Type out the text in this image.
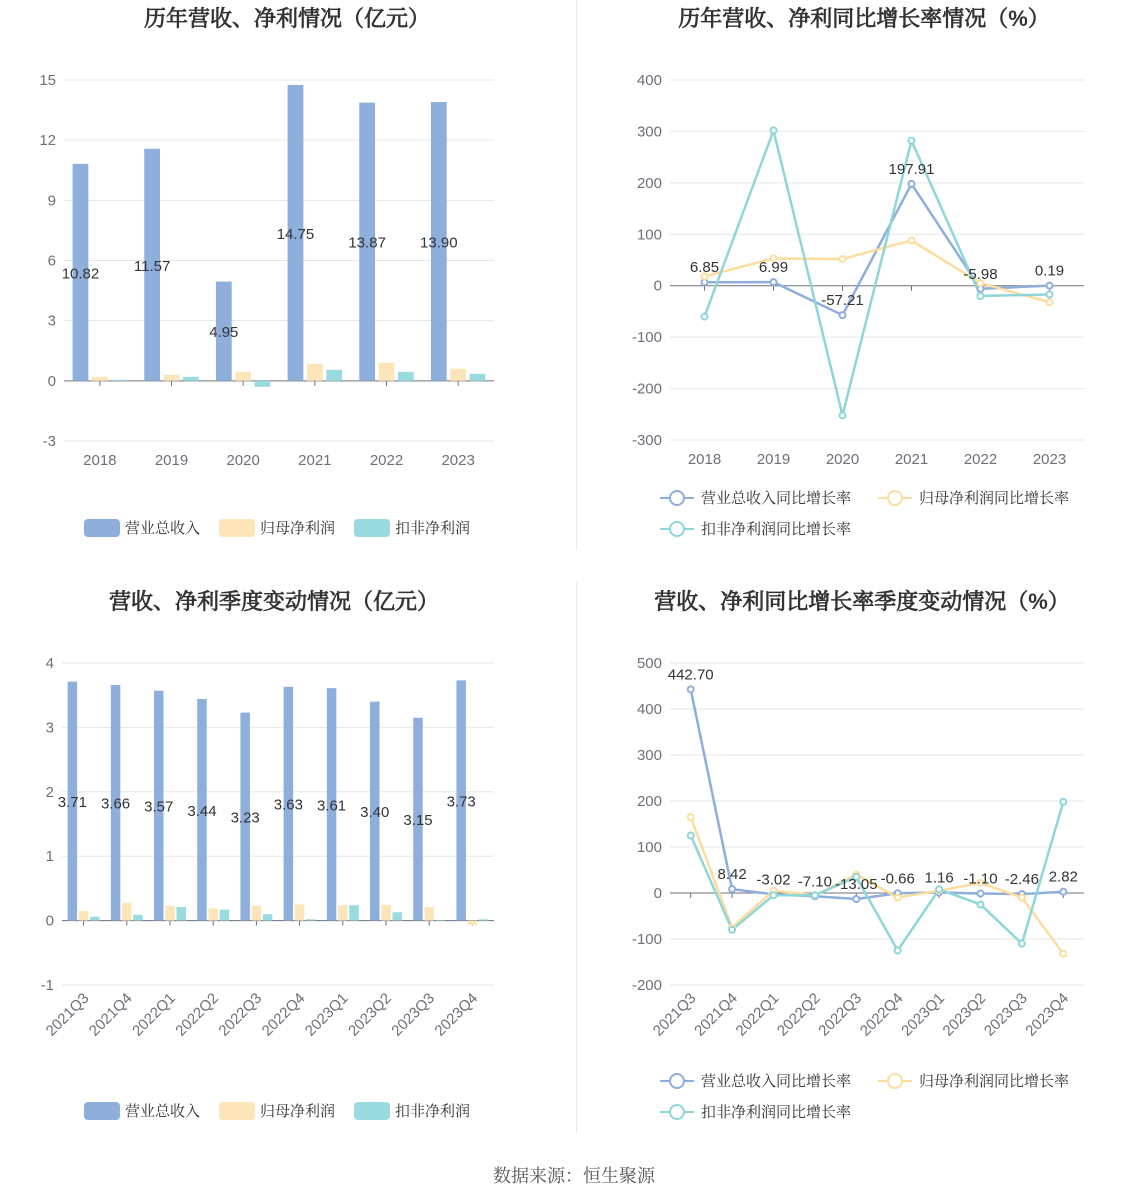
历年营收、净利情况（亿元）
-3
0
3
6
9
12
15
2018	2019	2020	2021	2022	2023
10.82 11.57
4.95
14.75
13.87 13.90
营业总收入	归母净利润	扣非净利润
历年营收、净利同比增长率情况（%）
-300
-200
-100
0
100
200
300
400
2018 2019 2020 2021 2022 2023
6.85	6.99
-57.21
197.91
-5.98 0.19
营业总收入同比增长率	归母净利润同比增长率
扣非净利润同比增长率
营收、净利季度变动情况（亿元）
-1
0
1
2
3
4
2021Q3
2021Q4
2022Q1
2022Q2
2022Q3
2022Q4
2023Q1
2023Q2
2023Q3
2023Q4
3.71 3.66 3.57 3.44 3.23
3.63 3.61 3.40 3.15
3.73
营业总收入	归母净利润	扣非净利润
营收、净利同比增长率季度变动情况（%）
-200
-100
0
100
200
300
400
500
2021Q3
2021Q4
2022Q1
2022Q2
2022Q3
2022Q4
2023Q1
2023Q2
2023Q3
2023Q4
442.70
8.42 -3.02 -7.10 -13.05 -0.66 1.16 -1.10 -2.46 2.82
营业总收入同比增长率	归母净利润同比增长率
扣非净利润同比增长率
数据来源：恒生聚源
